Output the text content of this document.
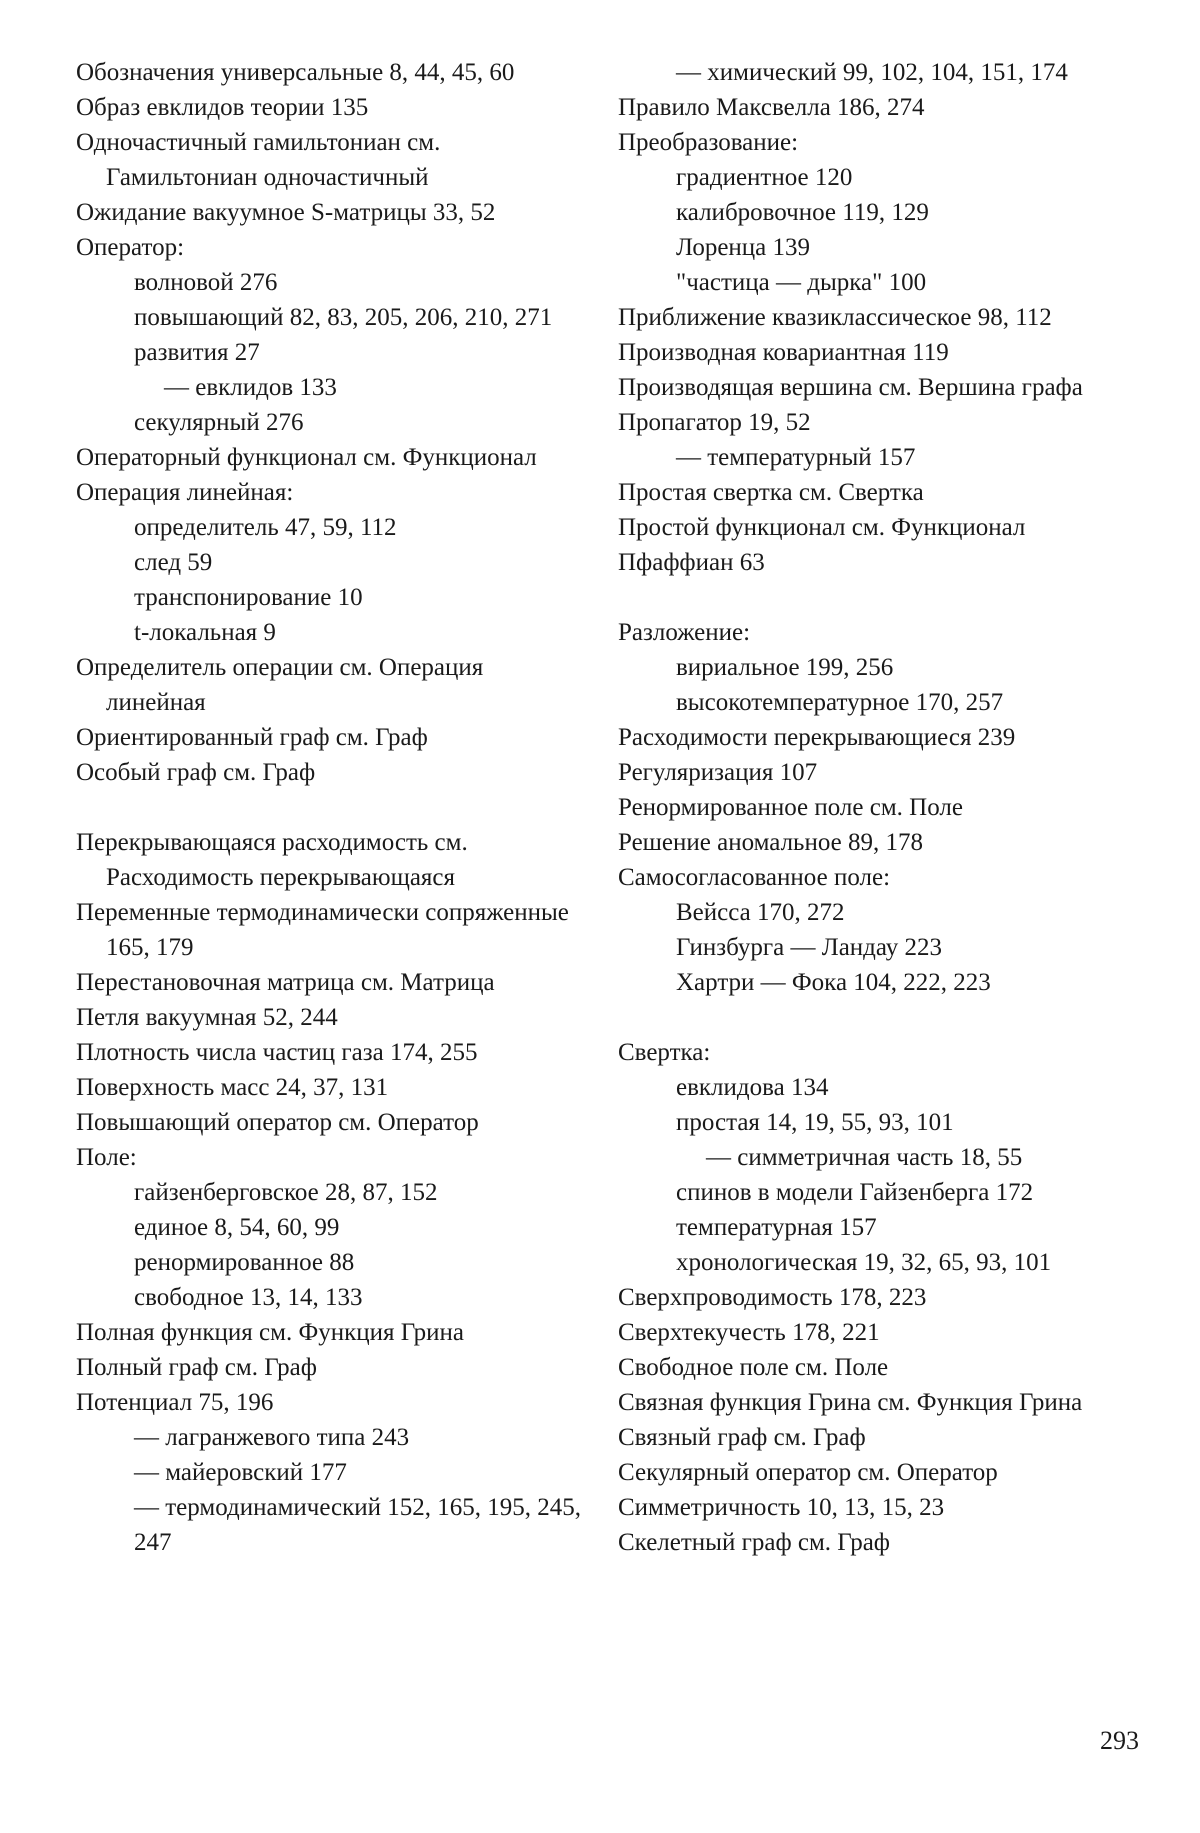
Обозначения универсальные 8, 44, 45, 60
Образ евклидов теории 135
Одночастичный гамильтониан см. Гамильтониан одночастичный
Ожидание вакуумное S-матрицы 33, 52
Оператор:
волновой 276
повышающий 82, 83, 205, 206, 210, 271
развития 27
— евклидов 133
секулярный 276
Операторный функционал см. Функционал
Операция линейная:
определитель 47, 59, 112
след 59
транспонирование 10
t-локальная 9
Определитель операции см. Операция линейная
Ориентированный граф см. Граф
Особый граф см. Граф
Перекрывающаяся расходимость см. Расходимость перекрывающаяся
Переменные термодинамически сопряженные 165, 179
Перестановочная матрица см. Матрица
Петля вакуумная 52, 244
Плотность числа частиц газа 174, 255
Поверхность масс 24, 37, 131
Повышающий оператор см. Оператор
Поле:
гайзенберговское 28, 87, 152
единое 8, 54, 60, 99
ренормированное 88
свободное 13, 14, 133
Полная функция см. Функция Грина
Полный граф см. Граф
Потенциал 75, 196
— лагранжевого типа 243
— майеровский 177
— термодинамический 152, 165, 195, 245, 247
— химический 99, 102, 104, 151, 174
Правило Максвелла 186, 274
Преобразование:
градиентное 120
калибровочное 119, 129
Лоренца 139
"частица — дырка" 100
Приближение квазиклассическое 98, 112
Производная ковариантная 119
Производящая вершина см. Вершина графа
Пропагатор 19, 52
— температурный 157
Простая свертка см. Свертка
Простой функционал см. Функционал
Пфаффиан 63
Разложение:
вириальное 199, 256
высокотемпературное 170, 257
Расходимости перекрывающиеся 239
Регуляризация 107
Ренормированное поле см. Поле
Решение аномальное 89, 178
Самосогласованное поле:
Вейсса 170, 272
Гинзбурга — Ландау 223
Хартри — Фока 104, 222, 223
Свертка:
евклидова 134
простая 14, 19, 55, 93, 101
— симметричная часть 18, 55
спинов в модели Гайзенберга 172
температурная 157
хронологическая 19, 32, 65, 93, 101
Сверхпроводимость 178, 223
Сверхтекучесть 178, 221
Свободное поле см. Поле
Связная функция Грина см. Функция Грина
Связный граф см. Граф
Секулярный оператор см. Оператор
Симметричность 10, 13, 15, 23
Скелетный граф см. Граф
293
